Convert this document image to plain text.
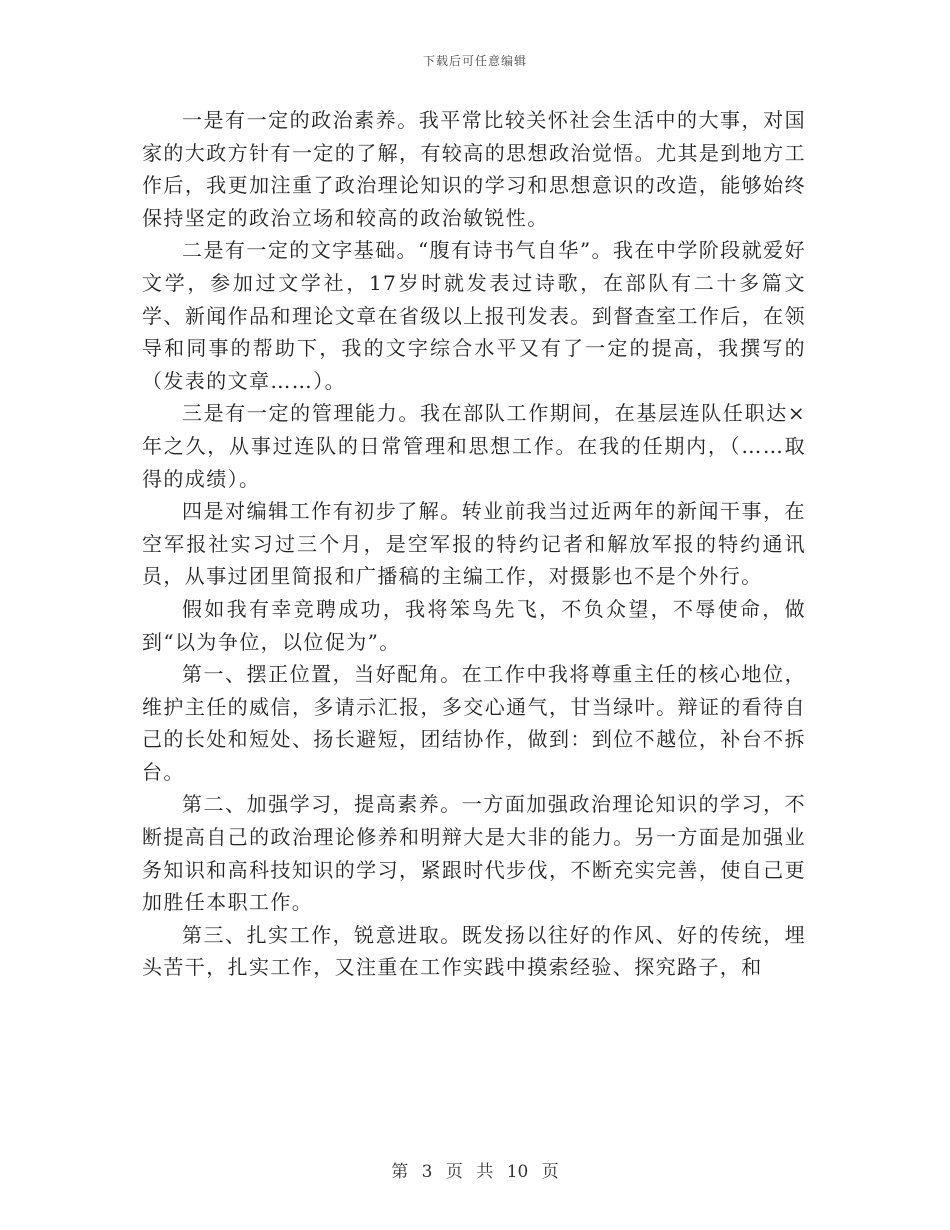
下载后可任意编辑

一是有一定的政治素养。我平常比较关怀社会生活中的大事，对国家的大政方针有一定的了解，有较高的思想政治觉悟。尤其是到地方工作后，我更加注重了政治理论知识的学习和思想意识的改造，能够始终保持坚定的政治立场和较高的政治敏锐性。

二是有一定的文字基础。“腹有诗书气自华”。我在中学阶段就爱好文学，参加过文学社，17岁时就发表过诗歌，在部队有二十多篇文学、新闻作品和理论文章在省级以上报刊发表。到督查室工作后，在领导和同事的帮助下，我的文字综合水平又有了一定的提高，我撰写的（发表的文章……）。

三是有一定的管理能力。我在部队工作期间，在基层连队任职达×年之久，从事过连队的日常管理和思想工作。在我的任期内，（……取得的成绩）。

四是对编辑工作有初步了解。转业前我当过近两年的新闻干事，在空军报社实习过三个月，是空军报的特约记者和解放军报的特约通讯员，从事过团里简报和广播稿的主编工作，对摄影也不是个外行。

假如我有幸竞聘成功，我将笨鸟先飞，不负众望，不辱使命，做到“以为争位，以位促为”。

第一、摆正位置，当好配角。在工作中我将尊重主任的核心地位，维护主任的威信，多请示汇报，多交心通气，甘当绿叶。辩证的看待自己的长处和短处、扬长避短，团结协作，做到：到位不越位，补台不拆台。

第二、加强学习，提高素养。一方面加强政治理论知识的学习，不断提高自己的政治理论修养和明辩大是大非的能力。另一方面是加强业务知识和高科技知识的学习，紧跟时代步伐，不断充实完善，使自己更加胜任本职工作。

第三、扎实工作，锐意进取。既发扬以往好的作风、好的传统，埋头苦干，扎实工作，又注重在工作实践中摸索经验、探究路子，和

第 3 页 共 10 页
